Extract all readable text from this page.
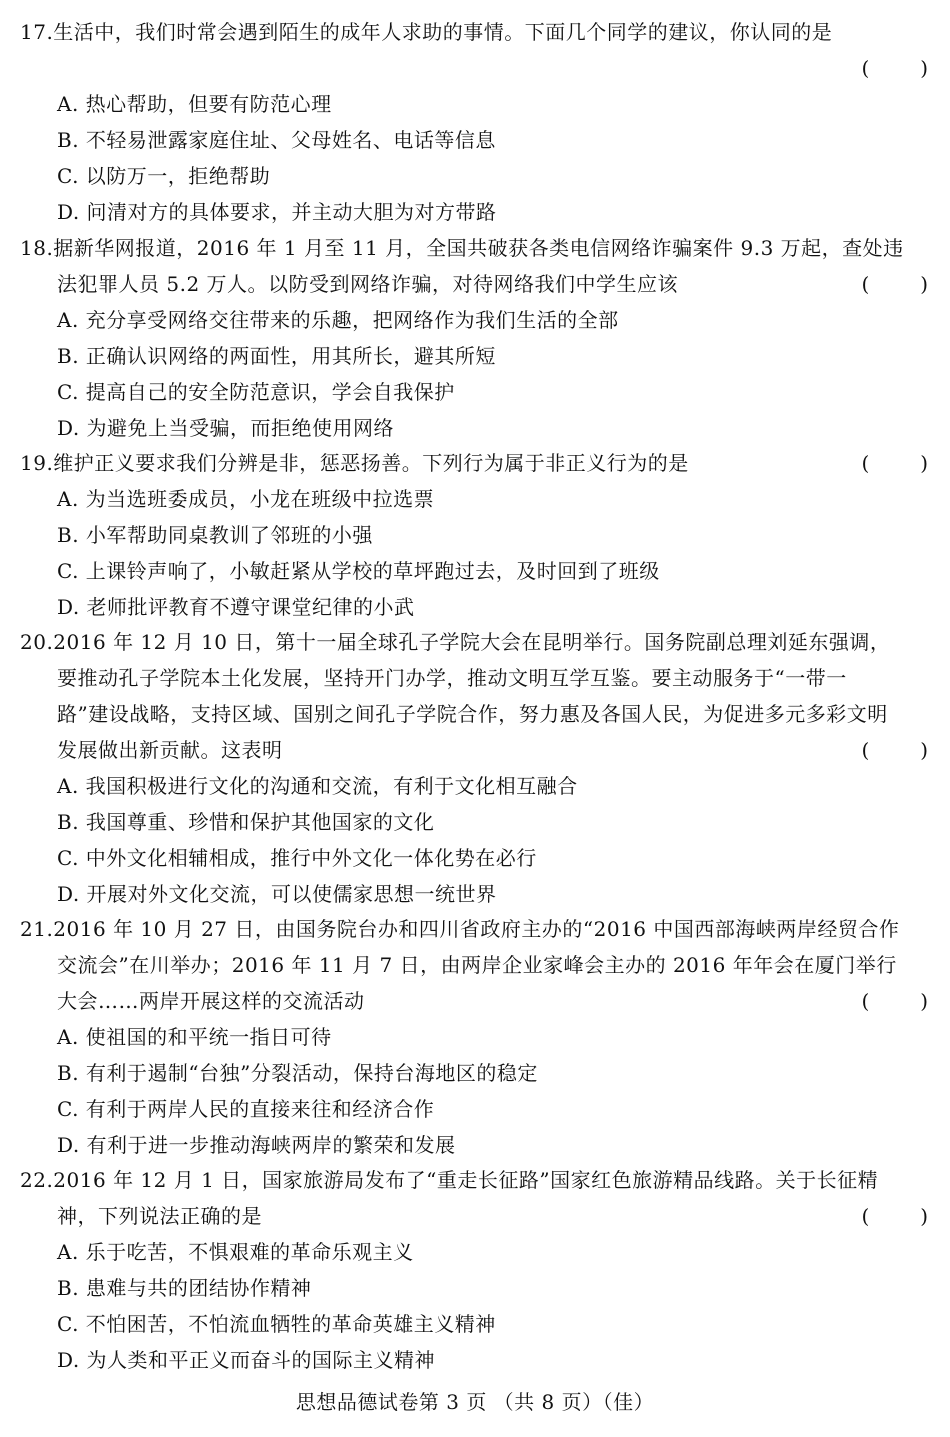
17.生活中，我们时常会遇到陌生的成年人求助的事情。下面几个同学的建议，你认同的是
(        )
A. 热心帮助，但要有防范心理
B. 不轻易泄露家庭住址、父母姓名、电话等信息
C. 以防万一，拒绝帮助
D. 问清对方的具体要求，并主动大胆为对方带路
18.据新华网报道，2016 年 1 月至 11 月，全国共破获各类电信网络诈骗案件 9.3 万起，查处违
法犯罪人员 5.2 万人。以防受到网络诈骗，对待网络我们中学生应该	(        )
A. 充分享受网络交往带来的乐趣，把网络作为我们生活的全部
B. 正确认识网络的两面性，用其所长，避其所短
C. 提高自己的安全防范意识，学会自我保护
D. 为避免上当受骗，而拒绝使用网络
19.维护正义要求我们分辨是非，惩恶扬善。下列行为属于非正义行为的是	(        )
A. 为当选班委成员，小龙在班级中拉选票
B. 小军帮助同桌教训了邻班的小强
C. 上课铃声响了，小敏赶紧从学校的草坪跑过去，及时回到了班级
D. 老师批评教育不遵守课堂纪律的小武
20.2016 年 12 月 10 日，第十一届全球孔子学院大会在昆明举行。国务院副总理刘延东强调，
要推动孔子学院本土化发展，坚持开门办学，推动文明互学互鉴。要主动服务于“一带一
路”建设战略，支持区域、国别之间孔子学院合作，努力惠及各国人民，为促进多元多彩文明
发展做出新贡献。这表明	(        )
A. 我国积极进行文化的沟通和交流，有利于文化相互融合
B. 我国尊重、珍惜和保护其他国家的文化
C. 中外文化相辅相成，推行中外文化一体化势在必行
D. 开展对外文化交流，可以使儒家思想一统世界
21.2016 年 10 月 27 日，由国务院台办和四川省政府主办的“2016 中国西部海峡两岸经贸合作
交流会”在川举办；2016 年 11 月 7 日，由两岸企业家峰会主办的 2016 年年会在厦门举行
大会……两岸开展这样的交流活动	(        )
A. 使祖国的和平统一指日可待
B. 有利于遏制“台独”分裂活动，保持台海地区的稳定
C. 有利于两岸人民的直接来往和经济合作
D. 有利于进一步推动海峡两岸的繁荣和发展
22.2016 年 12 月 1 日，国家旅游局发布了“重走长征路”国家红色旅游精品线路。关于长征精
神，下列说法正确的是	(        )
A. 乐于吃苦，不惧艰难的革命乐观主义
B. 患难与共的团结协作精神
C. 不怕困苦，不怕流血牺牲的革命英雄主义精神
D. 为人类和平正义而奋斗的国际主义精神
思想品德试卷第 3 页 （共 8 页）（佳）
